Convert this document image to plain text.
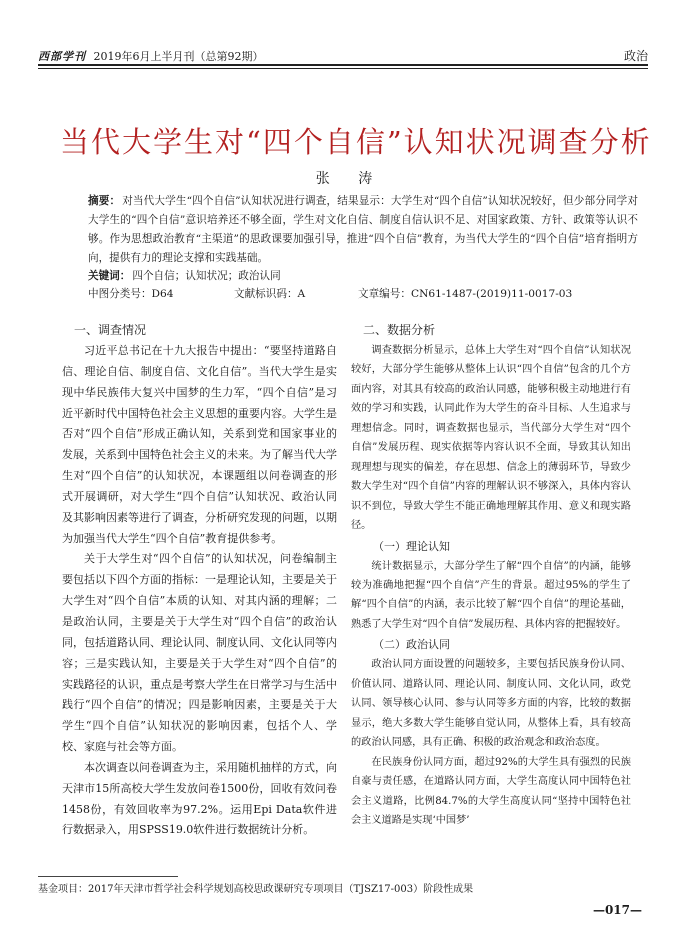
西部学刊 2019年6月上半月刊（总第92期）	政治
当代大学生对“四个自信”认知状况调查分析
张 涛
摘要： 对当代大学生“四个自信”认知状况进行调查，结果显示：大学生对“四个自信”认知状况较好，但少部分同学对大学生的“四个自信”意识培养还不够全面，学生对文化自信、制度自信认识不足、对国家政策、方针、政策等认识不够。作为思想政治教育“主渠道”的思政课要加强引导，推进“四个自信”教育，为当代大学生的“四个自信”培育指明方向，提供有力的理论支撑和实践基础。
关键词： 四个自信；认知状况；政治认同
中图分类号：D64	文献标识码：A	文章编号：CN61-1487-(2019)11-0017-03
一、调查情况

习近平总书记在十九大报告中提出：“要坚持道路自信、理论自信、制度自信、文化自信”。当代大学生是实现中华民族伟大复兴中国梦的生力军，“四个自信”是习近平新时代中国特色社会主义思想的重要内容。大学生是否对“四个自信”形成正确认知，关系到党和国家事业的发展，关系到中国特色社会主义的未来。为了解当代大学生对“四个自信”的认知状况，本课题组以问卷调查的形式开展调研，对大学生“四个自信”认知状况、政治认同及其影响因素等进行了调查，分析研究发现的问题，以期为加强当代大学生“四个自信”教育提供参考。

关于大学生对“四个自信”的认知状况，问卷编制主要包括以下四个方面的指标：一是理论认知，主要是关于大学生对“四个自信”本质的认知、对其内涵的理解；二是政治认同，主要是关于大学生对“四个自信”的政治认同，包括道路认同、理论认同、制度认同、文化认同等内容；三是实践认知，主要是关于大学生对“四个自信”的实践路径的认识，重点是考察大学生在日常学习与生活中践行“四个自信”的情况；四是影响因素，主要是关于大学生“四个自信”认知状况的影响因素，包括个人、学校、家庭与社会等方面。

本次调查以问卷调查为主，采用随机抽样的方式，向天津市15所高校大学生发放问卷1500份，回收有效问卷1458份，有效回收率为97.2%。运用Epi Data软件进行数据录入，用SPSS19.0软件进行数据统计分析。

二、数据分析

调查数据分析显示，总体上大学生对“四个自信”认知状况较好，大部分学生能够从整体上认识“四个自信”包含的几个方面内容，对其具有较高的政治认同感，能够积极主动地进行有效的学习和实践，认同此作为大学生的奋斗目标、人生追求与理想信念。同时，调查数据也显示，当代部分大学生对“四个自信”发展历程、现实依据等内容认识不全面，导致其认知出现理想与现实的偏差，存在思想、信念上的薄弱环节，导致少数大学生对“四个自信”内容的理解认识不够深入，具体内容认识不到位，导致大学生不能正确地理解其作用、意义和现实路径。

（一）理论认知

统计数据显示，大部分学生了解“四个自信”的内涵，能够较为准确地把握“四个自信”产生的背景。超过95%的学生了解“四个自信”的内涵，表示比较了解“四个自信”的理论基础，熟悉了大学生对“四个自信”发展历程、具体内容的把握较好。

（二）政治认同

政治认同方面设置的问题较多，主要包括民族身份认同、价值认同、道路认同、理论认同、制度认同、文化认同，政党认同、领导核心认同、参与认同等多方面的内容，比较的数据显示，绝大多数大学生能够自觉认同，从整体上看，具有较高的政治认同感，具有正确、积极的政治观念和政治态度。

在民族身份认同方面，超过92%的大学生具有强烈的民族自豪与责任感，在道路认同方面，大学生高度认同中国特色社会主义道路，比例84.7%的大学生高度认同“坚持中国特色社会主义道路是实现‘中国梦’

基金项目：2017年天津市哲学社会科学规划高校思政课研究专项项目（TJSZ17-003）阶段性成果
—017—
